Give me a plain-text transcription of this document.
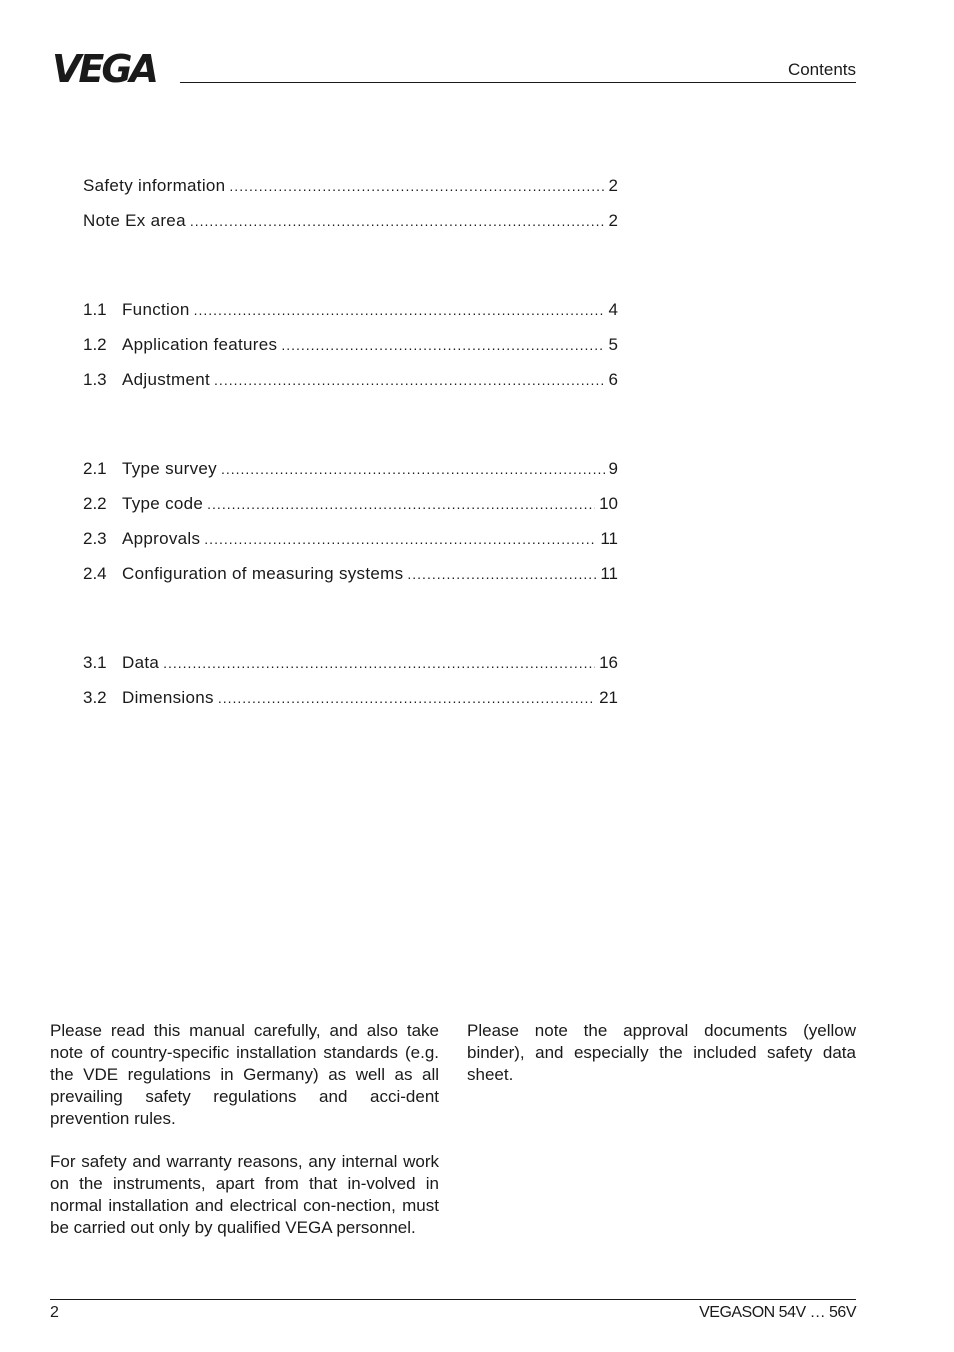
VEGA	Contents
Safety information .....	2
Note Ex area .....	2
1.1 Function .....	4
1.2 Application features .....	5
1.3 Adjustment .....	6
2.1 Type survey .....	9
2.2 Type code .....	10
2.3 Approvals .....	11
2.4 Configuration of measuring systems .....	11
3.1 Data .....	16
3.2 Dimensions .....	21

Please read this manual carefully, and also take note of country-specific installation standards (e.g. the VDE regulations in Germany) as well as all prevailing safety regulations and acci-dent prevention rules.

For safety and warranty reasons, any internal work on the instruments, apart from that in-volved in normal installation and electrical con-nection, must be carried out only by qualified VEGA personnel.

Please note the approval documents (yellow binder), and especially the included safety data sheet.

2	VEGASON 54V … 56V
